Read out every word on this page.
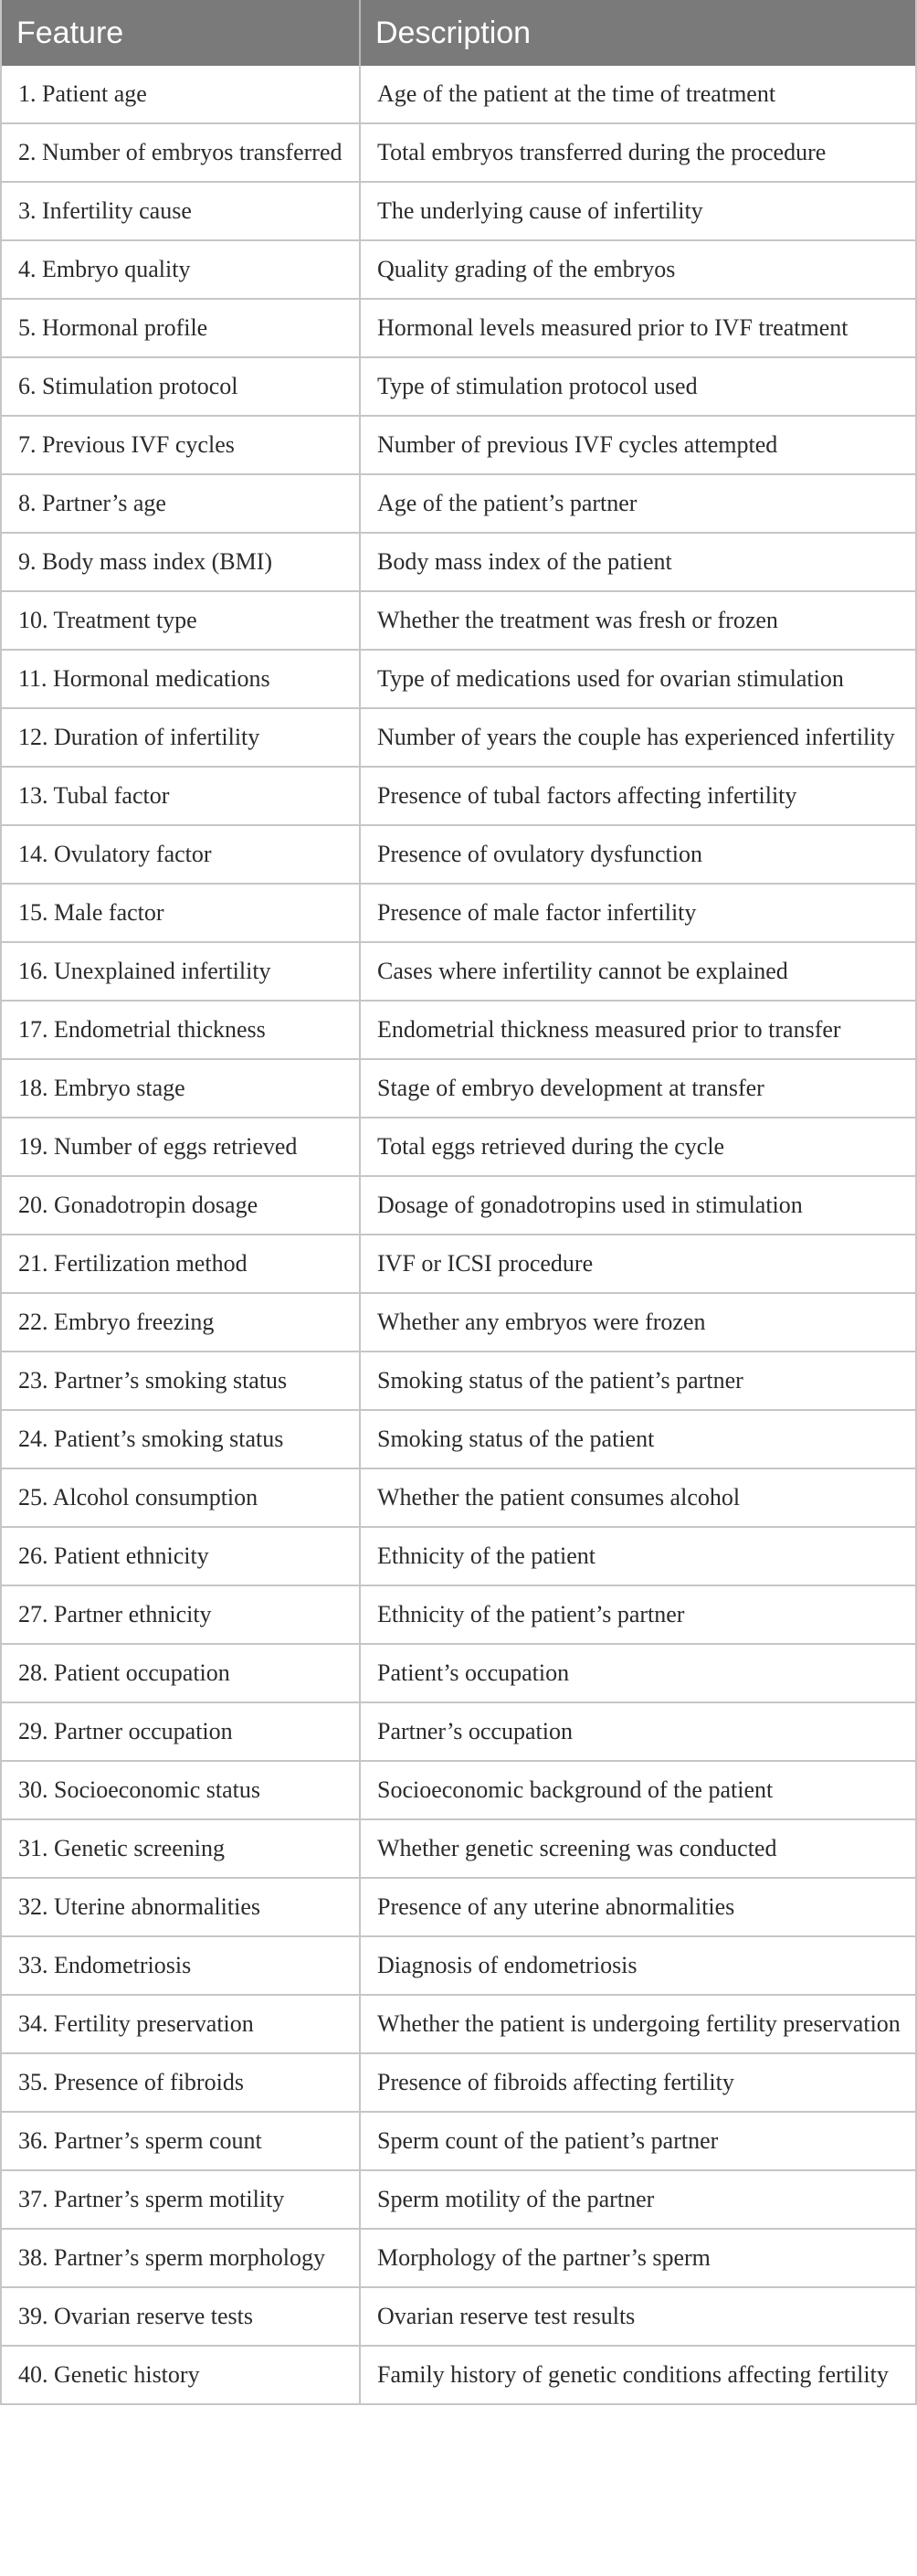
Feature	Description
1. Patient age	Age of the patient at the time of treatment
2. Number of embryos transferred	Total embryos transferred during the procedure
3. Infertility cause	The underlying cause of infertility
4. Embryo quality	Quality grading of the embryos
5. Hormonal profile	Hormonal levels measured prior to IVF treatment
6. Stimulation protocol	Type of stimulation protocol used
7. Previous IVF cycles	Number of previous IVF cycles attempted
8. Partner’s age	Age of the patient’s partner
9. Body mass index (BMI)	Body mass index of the patient
10. Treatment type	Whether the treatment was fresh or frozen
11. Hormonal medications	Type of medications used for ovarian stimulation
12. Duration of infertility	Number of years the couple has experienced infertility
13. Tubal factor	Presence of tubal factors affecting infertility
14. Ovulatory factor	Presence of ovulatory dysfunction
15. Male factor	Presence of male factor infertility
16. Unexplained infertility	Cases where infertility cannot be explained
17. Endometrial thickness	Endometrial thickness measured prior to transfer
18. Embryo stage	Stage of embryo development at transfer
19. Number of eggs retrieved	Total eggs retrieved during the cycle
20. Gonadotropin dosage	Dosage of gonadotropins used in stimulation
21. Fertilization method	IVF or ICSI procedure
22. Embryo freezing	Whether any embryos were frozen
23. Partner’s smoking status	Smoking status of the patient’s partner
24. Patient’s smoking status	Smoking status of the patient
25. Alcohol consumption	Whether the patient consumes alcohol
26. Patient ethnicity	Ethnicity of the patient
27. Partner ethnicity	Ethnicity of the patient’s partner
28. Patient occupation	Patient’s occupation
29. Partner occupation	Partner’s occupation
30. Socioeconomic status	Socioeconomic background of the patient
31. Genetic screening	Whether genetic screening was conducted
32. Uterine abnormalities	Presence of any uterine abnormalities
33. Endometriosis	Diagnosis of endometriosis
34. Fertility preservation	Whether the patient is undergoing fertility preservation
35. Presence of fibroids	Presence of fibroids affecting fertility
36. Partner’s sperm count	Sperm count of the patient’s partner
37. Partner’s sperm motility	Sperm motility of the partner
38. Partner’s sperm morphology	Morphology of the partner’s sperm
39. Ovarian reserve tests	Ovarian reserve test results
40. Genetic history	Family history of genetic conditions affecting fertility
